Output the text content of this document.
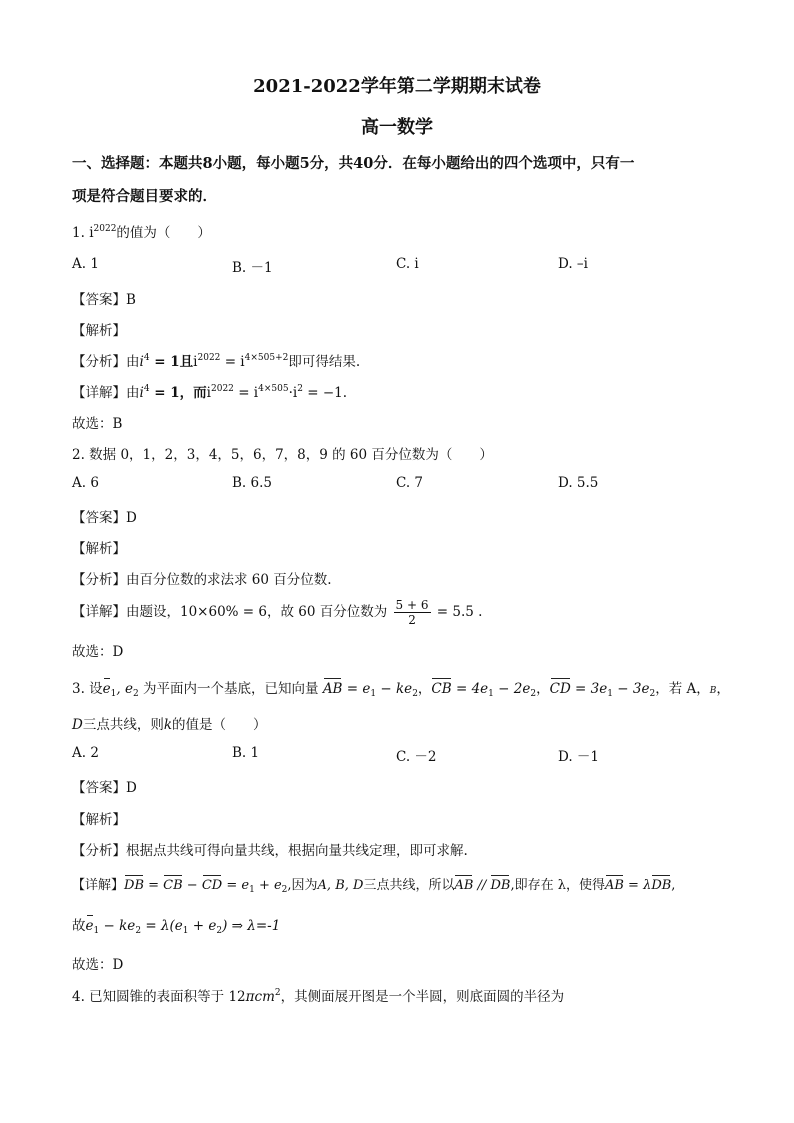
2021-2022学年第二学期期末试卷
高一数学
一、选择题：本题共8小题，每小题5分，共40分．在每小题给出的四个选项中，只有一
项是符合题目要求的．
1. $i^{2022}$的值为（　　）
A. 1	B. －1	C. i	D. –i
【答案】B
【解析】
【分析】由$i^4 = 1$且$i^{2022} = i^{4\times 505+2}$即可得结果.
【详解】由$i^4 = 1$，而$i^{2022} = i^{4\times 505}\cdot i^2 = -1$.
故选：B
2. 数据 0，1，2，3，4，5，6，7，8，9 的 60 百分位数为（　　）
A. 6	B. 6.5	C. 7	D. 5.5
【答案】D
【解析】
【分析】由百分位数的求法求 60 百分位数.
【详解】由题设，10×60% = 6，故 60 百分位数为 $\frac{5 + 6}{2} = 5.5$ .
故选：D
3. 设$e_1$, $e_2$ 为平面内一个基底，已知向量 AB = $e_1 - ke_2$，CB = $4e_1 - 2e_2$，CD = $3e_1 - 3e_2$，若 A，B，
D三点共线，则k的值是（　　）
A. 2	B. 1	C. －2	D. －1
【答案】D
【解析】
【分析】根据点共线可得向量共线，根据向量共线定理，即可求解.
【详解】DB = CB − CD = $e_1 + e_2$,因为A, B, D三点共线，所以AB // DB,即存在 λ，使得AB = λDB,
故$e_1 - ke_2 = \lambda(e_1 + e_2)$ ⇒ λ=-1
故选：D
4. 已知圆锥的表面积等于 12πcm$^2$，其侧面展开图是一个半圆，则底面圆的半径为
